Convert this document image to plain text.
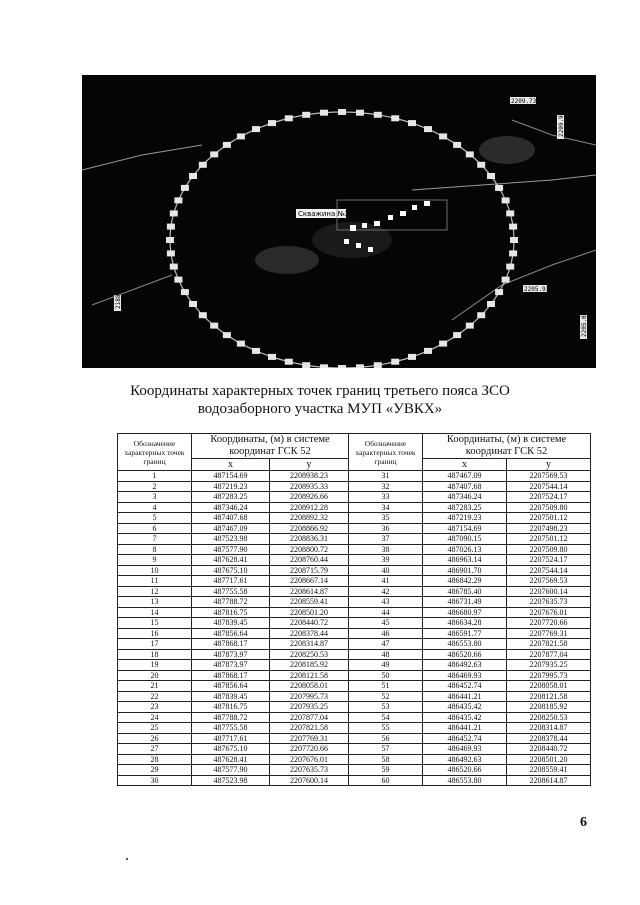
Скважина №2
2209.73
2209.91
2205.93
2205.07
2188
Координаты характерных точек границ третьего пояса ЗСО
водозаборного участка МУП «УВКХ»
Обозначение характерных точек границ	Координаты, (м) в системе координат ГСК 52		Обозначение характерных точек границ	Координаты, (м) в системе координат ГСК 52	
	x	y		x	y
1	487154.69	2208938.23	31	487467.09	2207569.53
2	487219.23	2208935.33	32	487407.68	2207544.14
3	487283.25	2208926.66	33	487346.24	2207524.17
4	487346.24	2208912.28	34	487283.25	2207509.80
5	487407.68	2208892.32	35	487219.23	2207501.12
6	487467.09	2208866.92	36	487154.69	2207498.23
7	487523.98	2208836.31	37	487090.15	2207501.12
8	487577.90	2208800.72	38	487026.13	2207509.80
9	487628.41	2208760.44	39	486963.14	2207524.17
10	487675.10	2208715.79	40	486901.70	2207544.14
11	487717.61	2208667.14	41	486842.29	2207569.53
12	487755.58	2208614.87	42	486785.40	2207600.14
13	487788.72	2208559.41	43	486731.49	2207635.73
14	487816.75	2208501.20	44	486680.97	2207676.01
15	487839.45	2208440.72	45	486634.28	2207720.66
16	487856.64	2208378.44	46	486591.77	2207769.31
17	487868.17	2208314.87	47	486553.80	2207821.58
18	487873.97	2208250.53	48	486520.66	2207877.04
19	487873.97	2208185.92	49	486492.63	2207935.25
20	487868.17	2208121.58	50	486469.93	2207995.73
21	487856.64	2208058.01	51	486452.74	2208058.01
22	487839.45	2207995.73	52	486441.21	2208121.58
23	487816.75	2207935.25	53	486435.42	2208185.92
24	487788.72	2207877.04	54	486435.42	2208250.53
25	487755.58	2207821.58	55	486441.21	2208314.87
26	487717.61	2207769.31	56	486452.74	2208378.44
27	487675.10	2207720.66	57	486469.93	2208440.72
28	487628.41	2207676.01	58	486492.63	2208501.20
29	487577.90	2207635.73	59	486520.66	2208559.41
30	487523.98	2207600.14	60	486553.80	2208614.87
6
